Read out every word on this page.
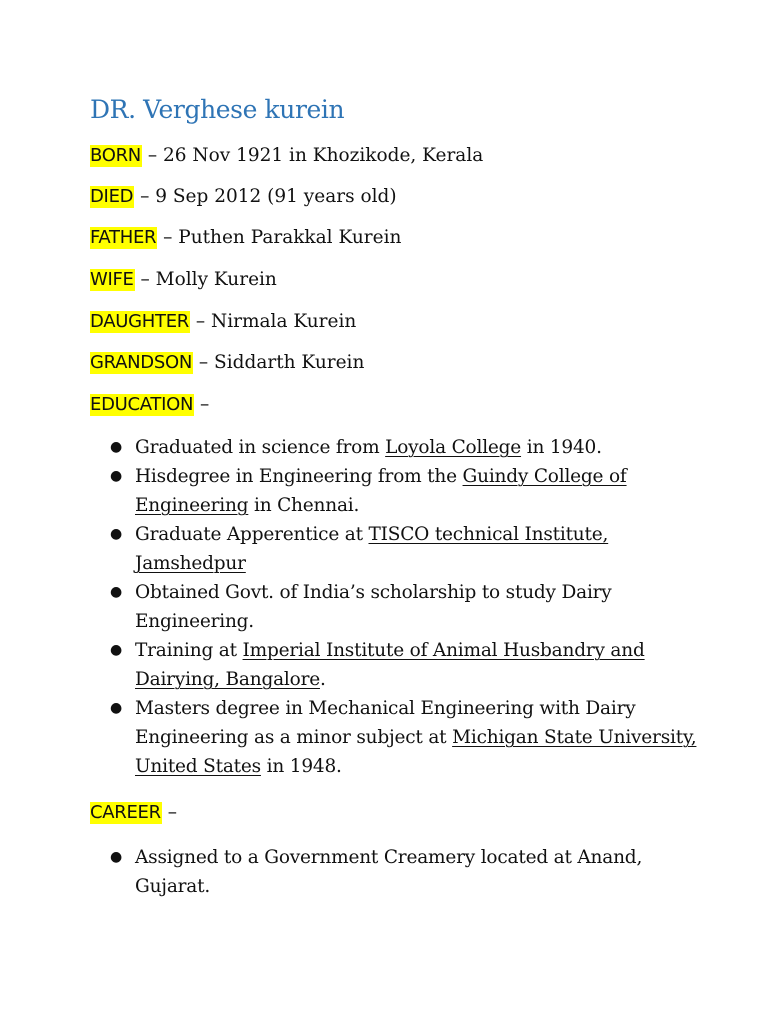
DR. Verghese kurein
BORN – 26 Nov 1921 in Khozikode, Kerala
DIED – 9 Sep 2012 (91 years old)
FATHER – Puthen Parakkal Kurein
WIFE – Molly Kurein
DAUGHTER – Nirmala Kurein
GRANDSON – Siddarth Kurein
EDUCATION –
● Graduated in science from Loyola College in 1940.
● Hisdegree in Engineering from the Guindy College of Engineering in Chennai.
● Graduate Apperentice at TISCO technical Institute, Jamshedpur
● Obtained Govt. of India’s scholarship to study Dairy Engineering.
● Training at Imperial Institute of Animal Husbandry and Dairying, Bangalore.
● Masters degree in Mechanical Engineering with Dairy Engineering as a minor subject at Michigan State University, United States in 1948.
CAREER –
● Assigned to a Government Creamery located at Anand, Gujarat.
